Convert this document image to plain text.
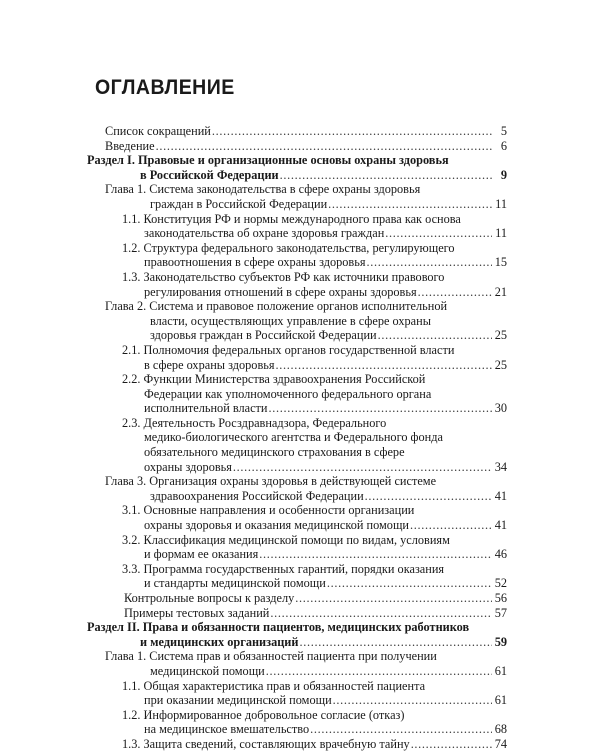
ОГЛАВЛЕНИЕ
Список сокращений . . .	5
Введение . . .	6
Раздел I. Правовые и организационные основы охраны здоровья
в Российской Федерации . . .	9
Глава 1. Система законодательства в сфере охраны здоровья
граждан в Российской Федерации . . .	11
1.1. Конституция РФ и нормы международного права как основа
законодательства об охране здоровья граждан . . .	11
1.2. Структура федерального законодательства, регулирующего
правоотношения в сфере охраны здоровья . . .	15
1.3. Законодательство субъектов РФ как источники правового
регулирования отношений в сфере охраны здоровья . . .	21
Глава 2. Система и правовое положение органов исполнительной
власти, осуществляющих управление в сфере охраны
здоровья граждан в Российской Федерации . . .	25
2.1. Полномочия федеральных органов государственной власти
в сфере охраны здоровья . . .	25
2.2. Функции Министерства здравоохранения Российской
Федерации как уполномоченного федерального органа
исполнительной власти . . .	30
2.3. Деятельность Росздравнадзора, Федерального
медико-биологического агентства и Федерального фонда
обязательного медицинского страхования в сфере
охраны здоровья . . .	34
Глава 3. Организация охраны здоровья в действующей системе
здравоохранения Российской Федерации . . .	41
3.1. Основные направления и особенности организации
охраны здоровья и оказания медицинской помощи . . .	41
3.2. Классификация медицинской помощи по видам, условиям
и формам ее оказания . . .	46
3.3. Программа государственных гарантий, порядки оказания
и стандарты медицинской помощи . . .	52
Контрольные вопросы к разделу . . .	56
Примеры тестовых заданий . . .	57
Раздел II. Права и обязанности пациентов, медицинских работников
и медицинских организаций . . .	59
Глава 1. Система прав и обязанностей пациента при получении
медицинской помощи . . .	61
1.1. Общая характеристика прав и обязанностей пациента
при оказании медицинской помощи . . .	61
1.2. Информированное добровольное согласие (отказ)
на медицинское вмешательство . . .	68
1.3. Защита сведений, составляющих врачебную тайну . . .	74
